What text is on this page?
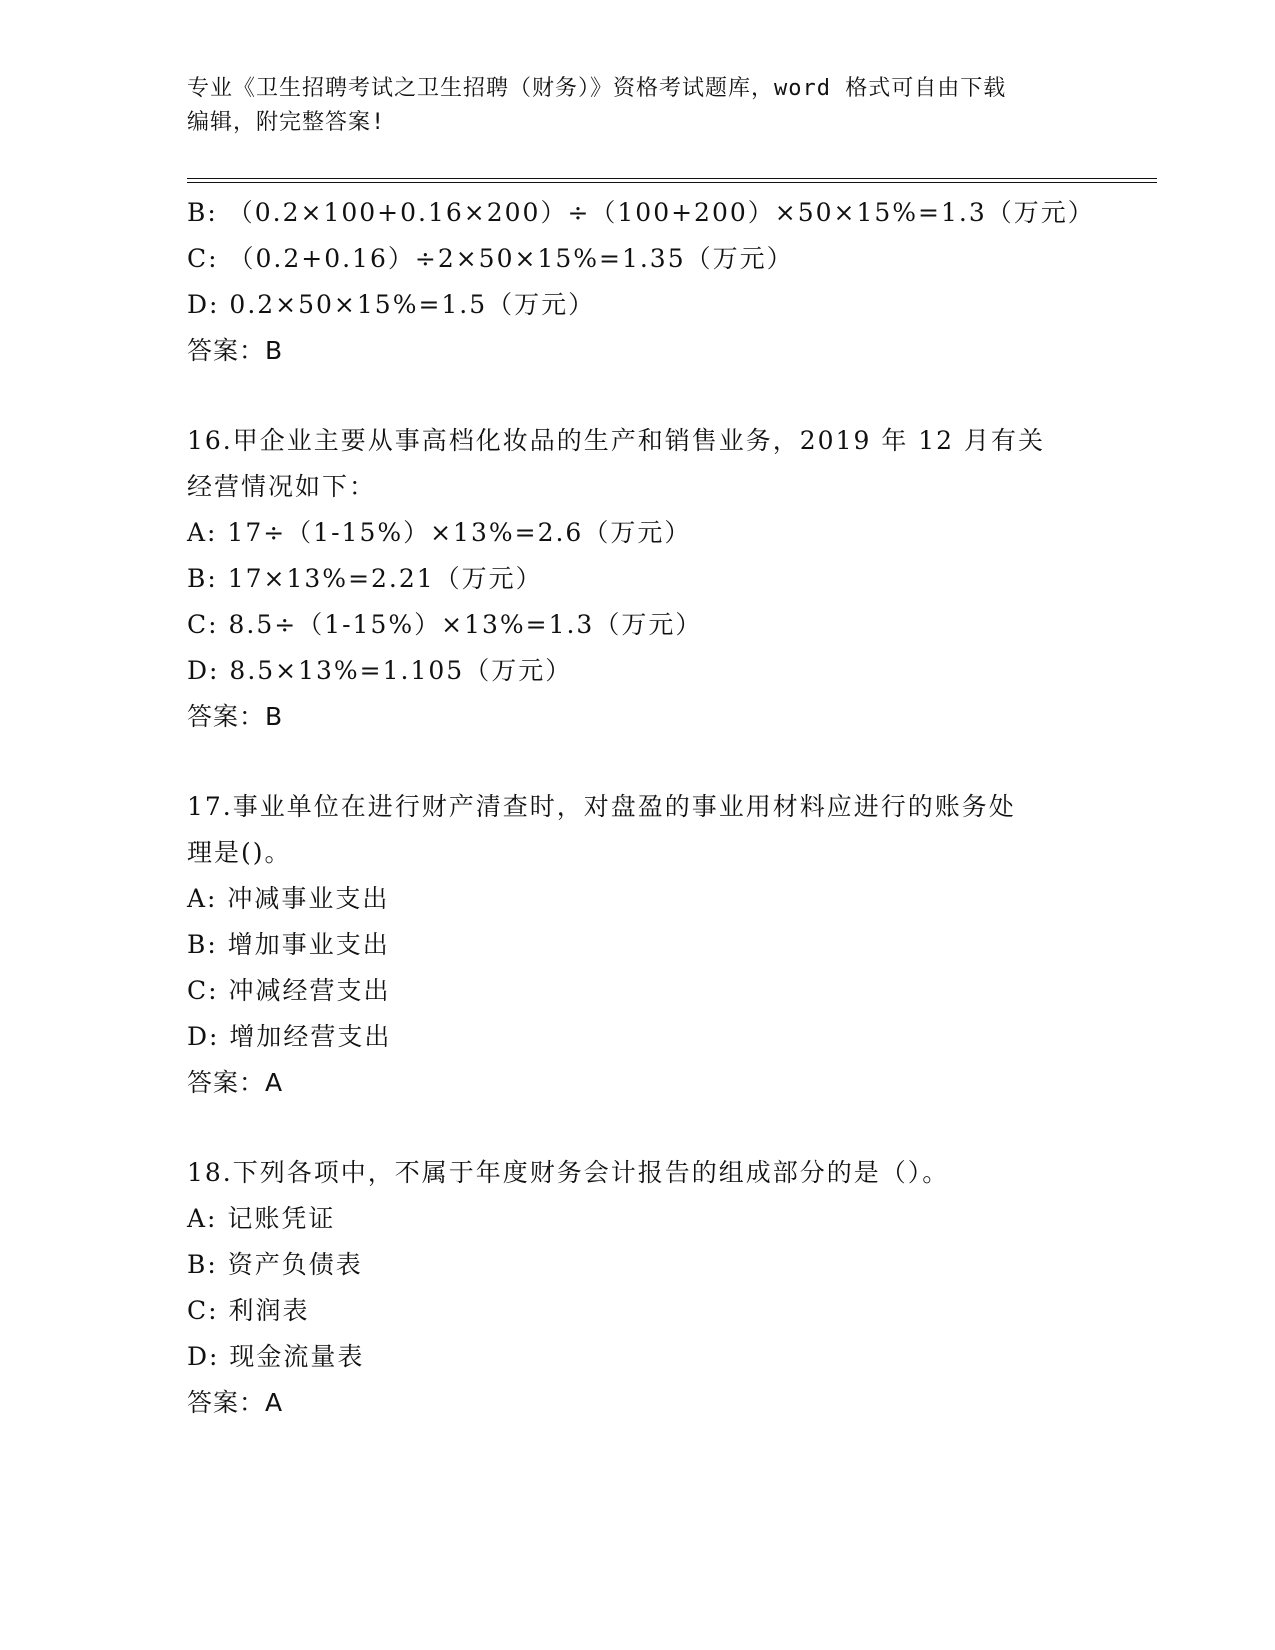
专业《卫生招聘考试之卫生招聘（财务）》资格考试题库，word 格式可自由下载
编辑，附完整答案!
B: （0.2×100+0.16×200）÷（100+200）×50×15%=1.3（万元）
C: （0.2+0.16）÷2×50×15%=1.35（万元）
D: 0.2×50×15%=1.5（万元）
答案：B
16.甲企业主要从事高档化妆品的生产和销售业务，2019 年 12 月有关
经营情况如下：
A: 17÷（1-15%）×13%=2.6（万元）
B: 17×13%=2.21（万元）
C: 8.5÷（1-15%）×13%=1.3（万元）
D: 8.5×13%=1.105（万元）
答案：B
17.事业单位在进行财产清查时，对盘盈的事业用材料应进行的账务处
理是()。
A: 冲减事业支出
B: 增加事业支出
C: 冲减经营支出
D: 增加经营支出
答案：A
18.下列各项中，不属于年度财务会计报告的组成部分的是（）。
A: 记账凭证
B: 资产负债表
C: 利润表
D: 现金流量表
答案：A
